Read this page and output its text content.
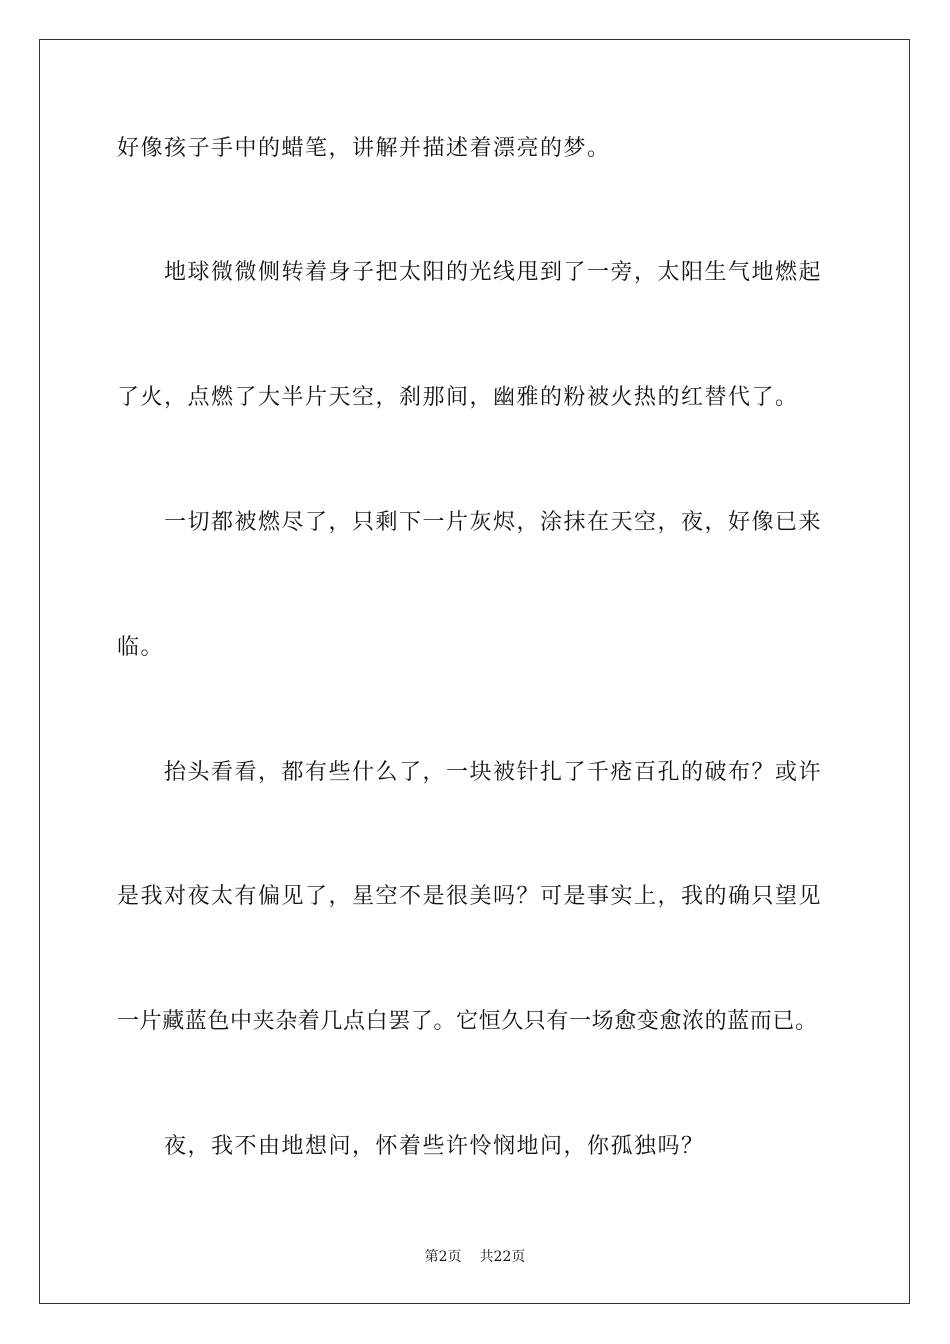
好像孩子手中的蜡笔，讲解并描述着漂亮的梦。
地球微微侧转着身子把太阳的光线甩到了一旁，太阳生气地燃起
了火，点燃了大半片天空，刹那间，幽雅的粉被火热的红替代了。
一切都被燃尽了，只剩下一片灰烬，涂抹在天空，夜，好像已来
临。
抬头看看，都有些什么了，一块被针扎了千疮百孔的破布？或许
是我对夜太有偏见了，星空不是很美吗？可是事实上，我的确只望见
一片藏蓝色中夹杂着几点白罢了。它恒久只有一场愈变愈浓的蓝而已。
夜，我不由地想问，怀着些许怜悯地问，你孤独吗？
第2页 共22页
